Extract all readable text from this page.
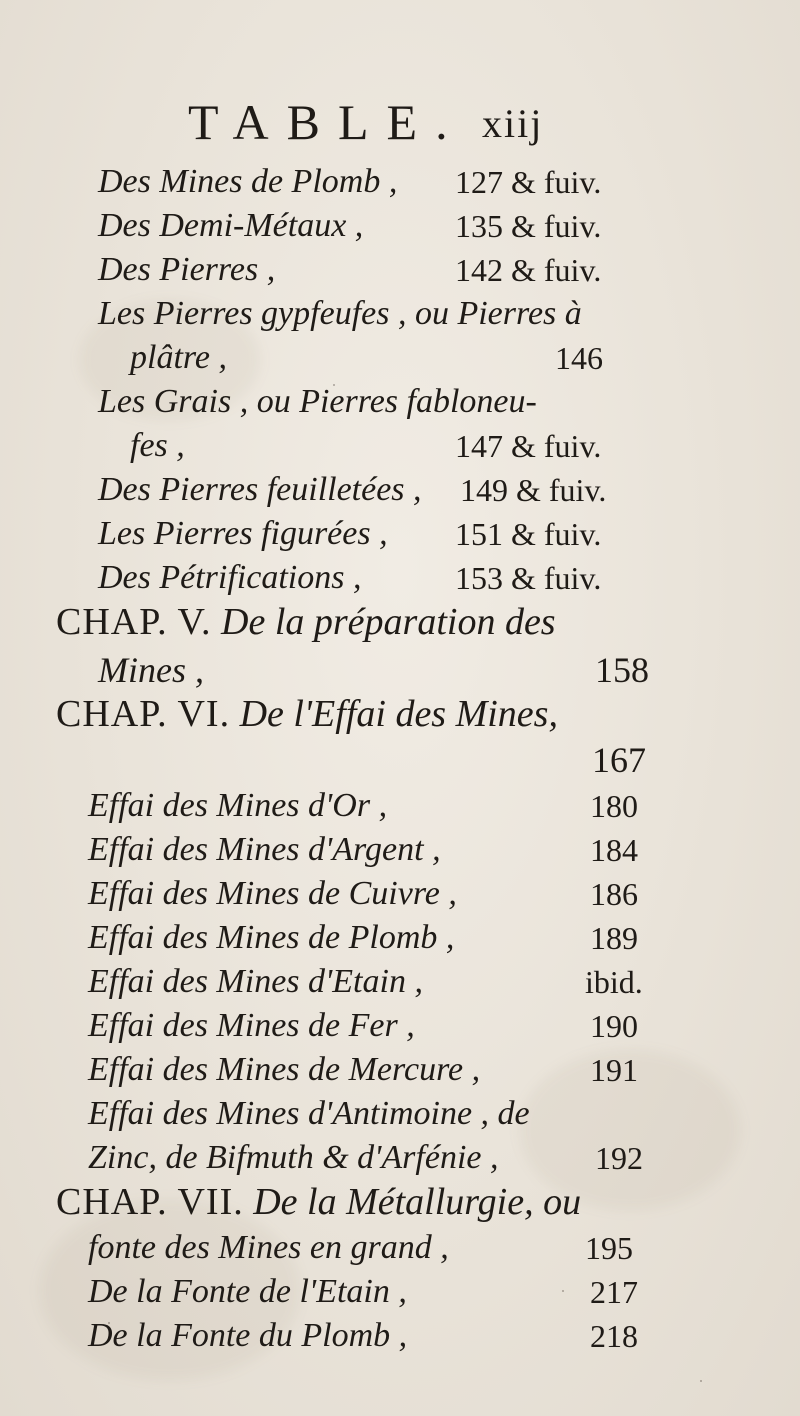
TABLE. xiij
Des Mines de Plomb , 127 & fuiv.
Des Demi-Métaux ,	135 & fuiv.
Des Pierres ,	142 & fuiv.
Les Pierres gypfeufes , ou Pierres à
plâtre ,	146
Les Grais , ou Pierres fabloneu-
fes ,	147 & fuiv.
Des Pierres feuilletées , 149 & fuiv.
Les Pierres figurées , 151 & fuiv.
Des Pétrifications ,	153 & fuiv.
CHAP. V. De la préparation des
Mines ,	158
CHAP. VI. De l'Effai des Mines,
167
Effai des Mines d'Or ,	180
Effai des Mines d'Argent ,	184
Effai des Mines de Cuivre ,	186
Effai des Mines de Plomb ,	189
Effai des Mines d'Etain ,	ibid.
Effai des Mines de Fer ,	190
Effai des Mines de Mercure ,	191
Effai des Mines d'Antimoine , de
Zinc, de Bifmuth & d'Arfénie ,	192
CHAP. VII. De la Métallurgie, ou
fonte des Mines en grand ,	195
De la Fonte de l'Etain ,	217
De la Fonte du Plomb ,	218
